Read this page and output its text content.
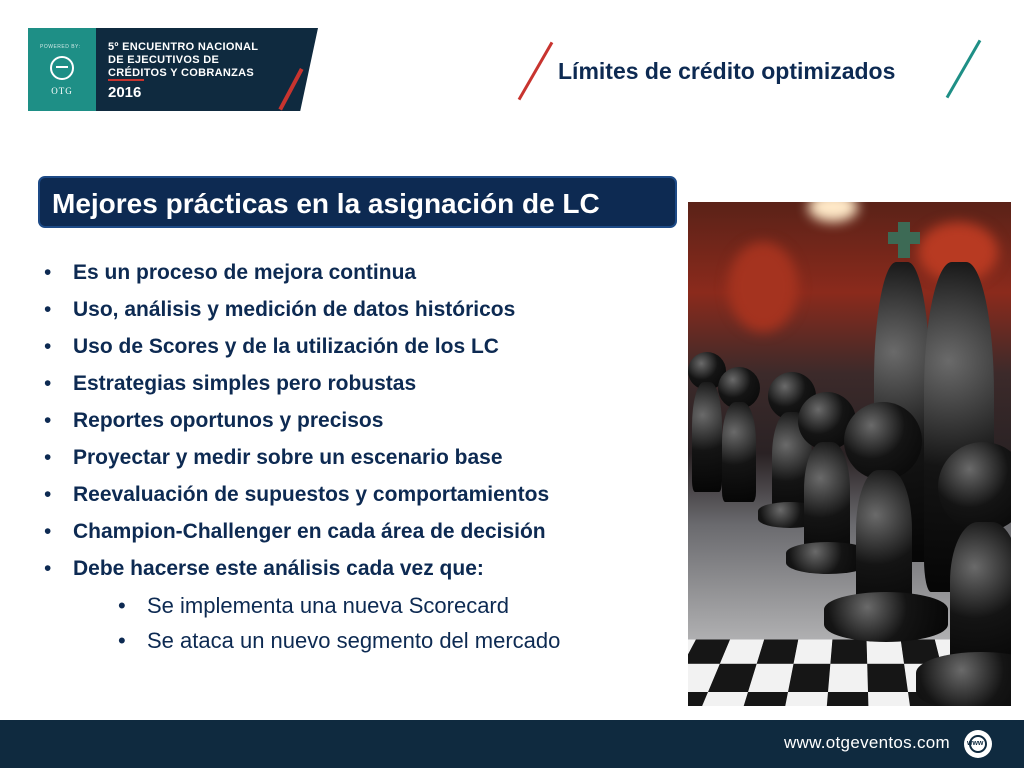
POWERED BY:
OTG
5º ENCUENTRO NACIONAL
DE EJECUTIVOS DE
CRÉDITOS Y COBRANZAS
2016
Límites de crédito optimizados
Mejores prácticas en la asignación de LC
• Es un proceso de mejora continua
• Uso, análisis y medición de datos históricos
• Uso de Scores y de la utilización de los LC
• Estrategias simples pero robustas
• Reportes oportunos y precisos
• Proyectar y medir sobre un escenario base
• Reevaluación de supuestos y comportamientos
• Champion-Challenger en cada área de decisión
• Debe hacerse este análisis cada vez que:
• Se implementa una nueva Scorecard
• Se ataca un nuevo segmento del mercado
www.otgeventos.com
www
